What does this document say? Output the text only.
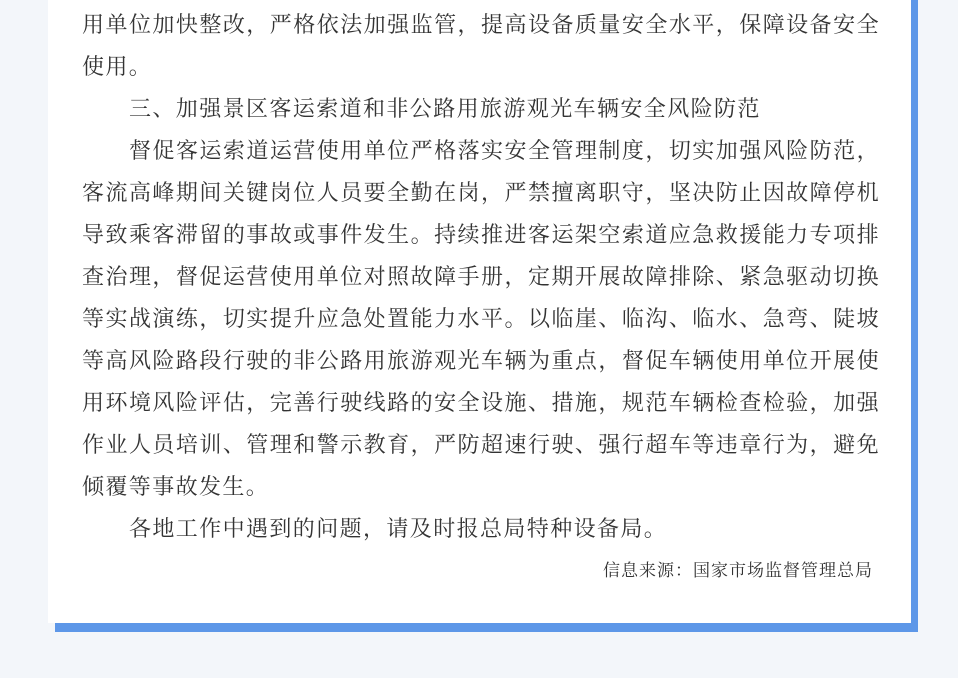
用单位加快整改，严格依法加强监管，提高设备质量安全水平，保障设备安全使用。

三、加强景区客运索道和非公路用旅游观光车辆安全风险防范

督促客运索道运营使用单位严格落实安全管理制度，切实加强风险防范，客流高峰期间关键岗位人员要全勤在岗，严禁擅离职守，坚决防止因故障停机导致乘客滞留的事故或事件发生。持续推进客运架空索道应急救援能力专项排查治理，督促运营使用单位对照故障手册，定期开展故障排除、紧急驱动切换等实战演练，切实提升应急处置能力水平。以临崖、临沟、临水、急弯、陡坡等高风险路段行驶的非公路用旅游观光车辆为重点，督促车辆使用单位开展使用环境风险评估，完善行驶线路的安全设施、措施，规范车辆检查检验，加强作业人员培训、管理和警示教育，严防超速行驶、强行超车等违章行为，避免倾覆等事故发生。

各地工作中遇到的问题，请及时报总局特种设备局。

信息来源：国家市场监督管理总局
